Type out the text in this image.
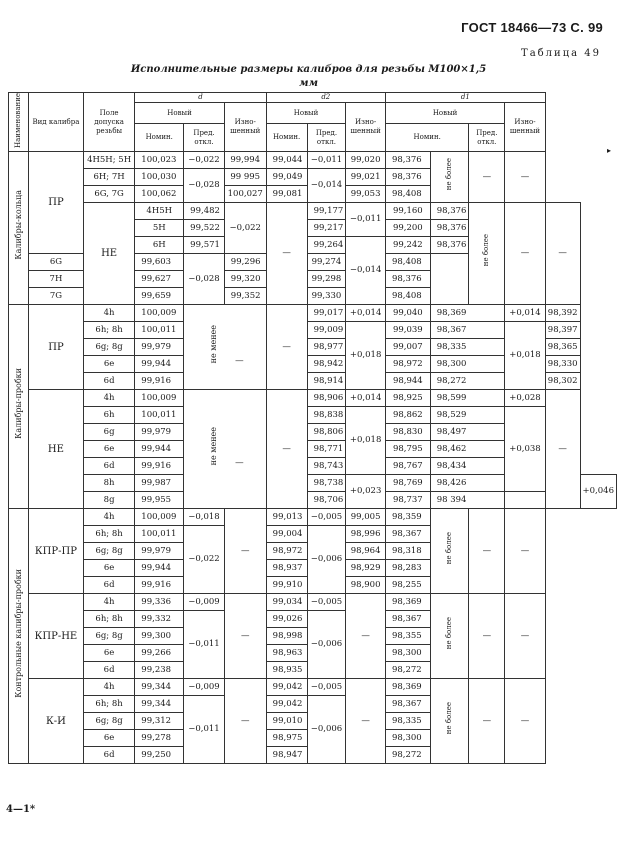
ГОСТ 18466—73 С. 99
Таблица 49
Исполнительные размеры калибров для резьбы М100×1,5
мм
▸
Наименование	Вид калибра	Поле допуска резьбы	d			d2			d1					
			Новый		Изно-шенный	Новый		Изно-шенный	Новый			Изно-шенный		
			Номин.	Пред. откл.		Номин.	Пред. откл.		Номин.		Пред. откл.			
Калибры-кольца	ПР	4Н5Н; 5Н	100,023	−0,022	99,994	99,044	−0,011	99,020	98,376	не более	—	—		
		6Н; 7Н	100,030	−0,028	99 995	99,049	−0,014	99,021	98,376					
		6G, 7G	100,062		100,027	99,081		99,053	98,408					
		НЕ	4Н5Н	99,482	−0,022	—	99,177	−0,011	99,160	98,376	не более	—	—	
			5Н	99,522			99,217		99,200	98,376				
			6Н	99,571			99,264	−0,014	99,242	98,376				
	6G		99,603	−0,028	99,296		99,274		98,408					
	7Н		99,627		99,320		99,298		98,376					
	7G		99,659		99,352		99,330		98,408					
Калибры-пробки	ПР	4h	100,009	не менее —		—	99,017	+0,014	99,040	98,369		+0,014	98,392	
		6h; 8h	100,011				99,009	+0,018	99,039	98,367		+0,018	98,397	
		6g; 8g	99,979				98,977		99,007	98,335			98,365	
		6e	99,944				98,942		98,972	98,300			98,330	
		6d	99,916				98,914		98,944	98,272			98,302	
	НЕ	4h	100,009	не менее —		—	98,906	+0,014	98,925	98,599		+0,028	—	
		6h	100,011				98,838	+0,018	98,862	98,529		+0,038		
		6g	99,979				98,806		98,830	98,497				
		6e	99,944				98,771		98,795	98,462				
		6d	99,916				98,743		98,767	98,434				
		8h	99,987				98,738	+0,023	98,769	98,426				+0,046
		8g	99,955				98,706		98,737	98 394				
Контрольные калибры-пробки	КПР-ПР	4h	100,009	−0,018	—	99,013	−0,005	99,005	98,359	не более	—	—		
		6h; 8h	100,011	−0,022		99,004	−0,006	98,996	98,367					
		6g; 8g	99,979			98,972		98,964	98,318					
		6e	99,944			98,937		98,929	98,283					
		6d	99,916			99,910		98,900	98,255					
	КПР-НЕ	4h	99,336	−0,009	—	99,034	−0,005	—	98,369	не более	—	—		
		6h; 8h	99,332	−0,011		99,026	−0,006		98,367					
		6g; 8g	99,300			98,998			98,355					
		6e	99,266			98,963			98,300					
		6d	99,238			98,935			98,272					
	К-И	4h	99,344	−0,009	—	99,042	−0,005	—	98,369	не более	—	—		
		6h; 8h	99,344	−0,011		99,042	−0,006		98,367					
		6g; 8g	99,312			99,010			98,335					
		6e	99,278			98,975			98,300					
		6d	99,250			98,947			98,272					
4—1*
